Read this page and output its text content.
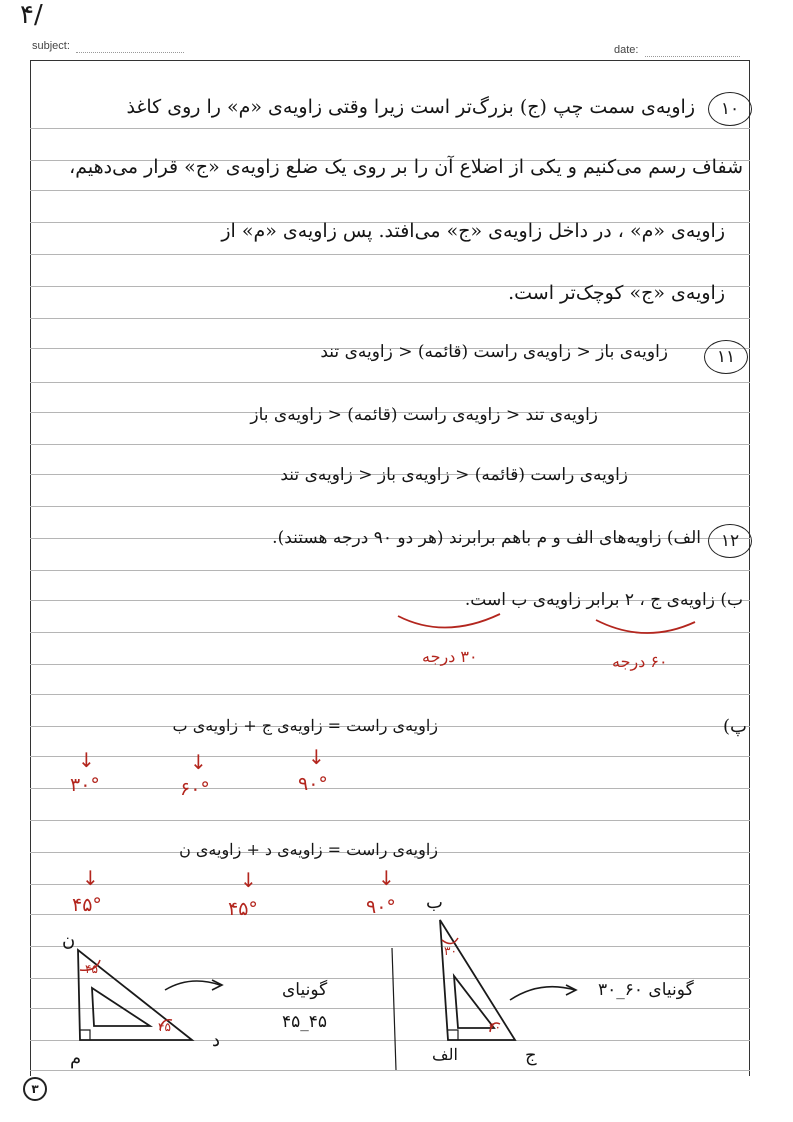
۴/
subject:	date:
۱۰
زاویه‌ی سمت چپ (ج) بزرگ‌تر است زیرا وقتی زاویه‌ی «م» را روی کاغذ
شفاف رسم می‌کنیم و یکی از اضلاع آن را بر روی یک ضلع زاویه‌ی «ج» قرار می‌دهیم،
زاویه‌ی «م» ، در داخل زاویه‌ی «ج» می‌افتد. پس زاویه‌ی «م» از
زاویه‌ی «ج» کوچک‌تر است.
۱۱
زاویه‌ی باز < زاویه‌ی راست (قائمه) < زاویه‌ی تند
زاویه‌ی تند < زاویه‌ی راست (قائمه) < زاویه‌ی باز
زاویه‌ی راست (قائمه) < زاویه‌ی باز < زاویه‌ی تند
۱۲
الف) زاویه‌های الف و م باهم برابرند (هر دو ۹۰ درجه هستند).
ب) زاویه‌ی ج ، ۲ برابر زاویه‌ی ب است.
۳۰ درجه	۶۰ درجه
پ)
زاویه‌ی راست = زاویه‌ی ج + زاویه‌ی ب
↓
↓
↓
۹۰°
۶۰°
۳۰°
زاویه‌ی راست = زاویه‌ی د + زاویه‌ی ن
↓
↓
↓
۹۰°
۴۵°
۴۵°
ن
م
د
۴۵
۴۵
گونیای
۴۵_۴۵
ب
الف	ج
۳۰
۶۰
گونیای ۶۰_۳۰
۳
